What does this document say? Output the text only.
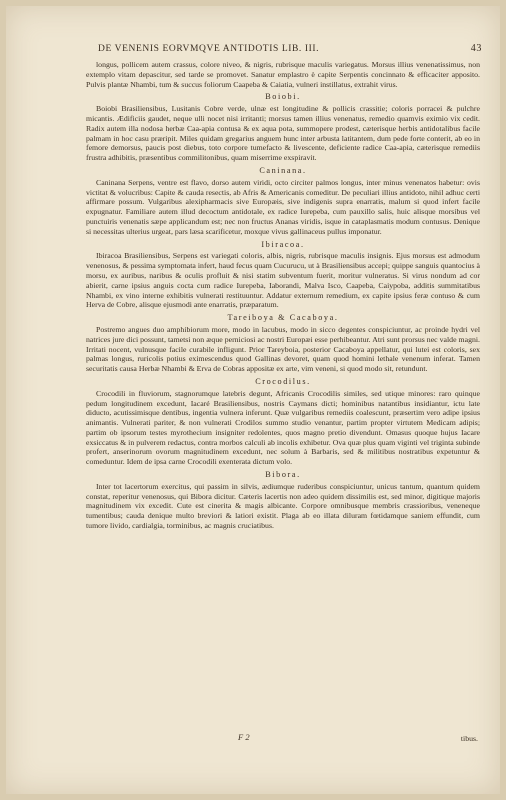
DE VENENIS EORVMQVE ANTIDOTIS LIB. III.	43

longus, pollicem autem crassus, colore niveo, & nigris, rubrisque maculis variegatus. Morsus illius venenatissimus, non extemplo vitam depascitur, sed tarde se promovet. Sanatur emplastro è capite Serpentis concinnato & efficaciter apposito. Pulvis plantæ Nhambi, tum & succus foliorum Caapeba & Caiatia, vulneri instillatus, extrahit virus.

Boiobi.

Boiobi Brasiliensibus, Lusitanis Cobre verde, ulnæ est longitudine & pollicis crassitie; coloris porracei & pulchre micantis. Ædificiis gaudet, neque ulli nocet nisi irritanti; morsus tamen illius venenatus, remedio quamvis eximio vix cedit. Radix autem illa nodosa herbæ Caa-apia contusa & ex aqua pota, summopere prodest, cæterisque herbis antidotalibus facile palmam in hoc casu præripit. Miles quidam gregarius anguem hunc inter arbusta latitantem, dum pede forte conterit, ab eo in femore demorsus, paucis post diebus, toto corpore tumefacto & livescente, deficiente radice Caa-apia, cæterisque remediis frustra adhibitis, præsentibus commilitonibus, quam miserrime exspiravit.

Caninana.

Caninana Serpens, ventre est flavo, dorso autem viridi, octo circiter palmos longus, inter minus venenatos habetur: ovis victitat & volucribus: Capite & cauda resectis, ab Afris & Americanis comeditur. De peculiari illius antidoto, nihil adhuc certi affirmare possum. Vulgaribus alexipharmacis sive Europæis, sive indigenis supra enarratis, malum si quod infert facile expugnatur. Familiare autem illud decoctum antidotale, ex radice Iurepeba, cum pauxillo salis, huic alisque morsibus vel punctuiris venenatis sæpe applicandum est; nec non fructus Ananas viridis, isque in cataplasmatis modum contusus. Denique si necessitas ulterius urgeat, pars læsa scarificetur, moxque vivus gallinaceus pullus imponatur.

Ibiracoa.

Ibiracoa Brasiliensibus, Serpens est variegati coloris, albis, nigris, rubrisque maculis insignis. Ejus morsus est admodum venenosus, & pessima symptomata infert, haud fecus quam Cucurucu, ut à Brasiliensibus accepi; quippe sanguis quantocius à morsu, ex auribus, naribus & oculis profluit & nisi statim subventum fuerit, moritur vulneratus. Si virus nondum ad cor abierit, carne ipsius anguis cocta cum radice Iurepeba, Iaborandi, Malva Isco, Caapeba, Caiypoba, additis summitatibus Nhambi, ex vino interne exhibitis vulnerati restituuntur. Addatur externum remedium, ex capite ipsius feræ contuso & cum Herva de Cobre, alisque ejusmodi ante enarratis, præparatum.

Tareiboya & Cacaboya.

Postremo angues duo amphibiorum more, modo in lacubus, modo in sicco degentes conspiciuntur, ac proinde hydri vel natrices jure dici possunt, tametsi non æque perniciosi ac nostri Europæi esse perhibeantur. Atri sunt prorsus nec valde magni. Irritati nocent, vulnusque facile curabile infligunt. Prior Tareyboia, posterior Cacaboya appellatur, qui lutei est coloris, sex palmas longus, ruricolis potius eximescendus quod Gallinas devoret, quam quod homini lethale venenum inferat. Tamen securitatis causa Herbæ Nhambi & Erva de Cobras appositæ ex arte, vim veneni, si quod modo sit, retundunt.

Crocodilus.

Crocodili in fluviorum, stagnorumque latebris degunt, Africanis Crocodilis similes, sed utique minores: raro quinque pedum longitudinem excedunt, Iacaré Brasiliensibus, nostris Caymans dicti; hominibus natantibus insidiantur, ictu late diducto, acutissimisque dentibus, ingentia vulnera inferunt. Quæ vulgaribus remediis coalescunt, præsertim vero adipe ipsius animantis. Vulnerati pariter, & non vulnerati Crodilos summo studio venantur, partim propter virtutem Medicam adipis; partim ob ipsorum testes myrothecium insigniter redolentes, quos magno pretio divendunt. Omasus quoque hujus Iacare exsiccatus & in pulverem redactus, contra morbos calculi ab incolis exhibetur. Ova quæ plus quam viginti vel triginta subinde profert, anserinorum ovorum magnitudinem excedunt, nec solum à Barbaris, sed & militibus nostratibus expetuntur & comeduntur. Idem de ipsa carne Crocodili exenterata dictum volo.

Bibora.

Inter tot lacertorum exercitus, qui passim in silvis, ædiumque ruderibus conspiciuntur, unicus tantum, quantum quidem constat, reperitur venenosus, qui Bibora dicitur. Cæteris lacertis non adeo quidem dissimilis est, sed minor, digitique majoris magnitudinem vix excedit. Cute est cinerita & magis albicante. Corpore omnibusque membris crassioribus, veneneque tumentibus; cauda denique multo breviori & latiori existit. Plaga ab eo illata diluram fœtidamque saniem effundit, cum tumore livido, cardialgia, torminibus, ac magnis cruciatibus.

F 2	tibus.
